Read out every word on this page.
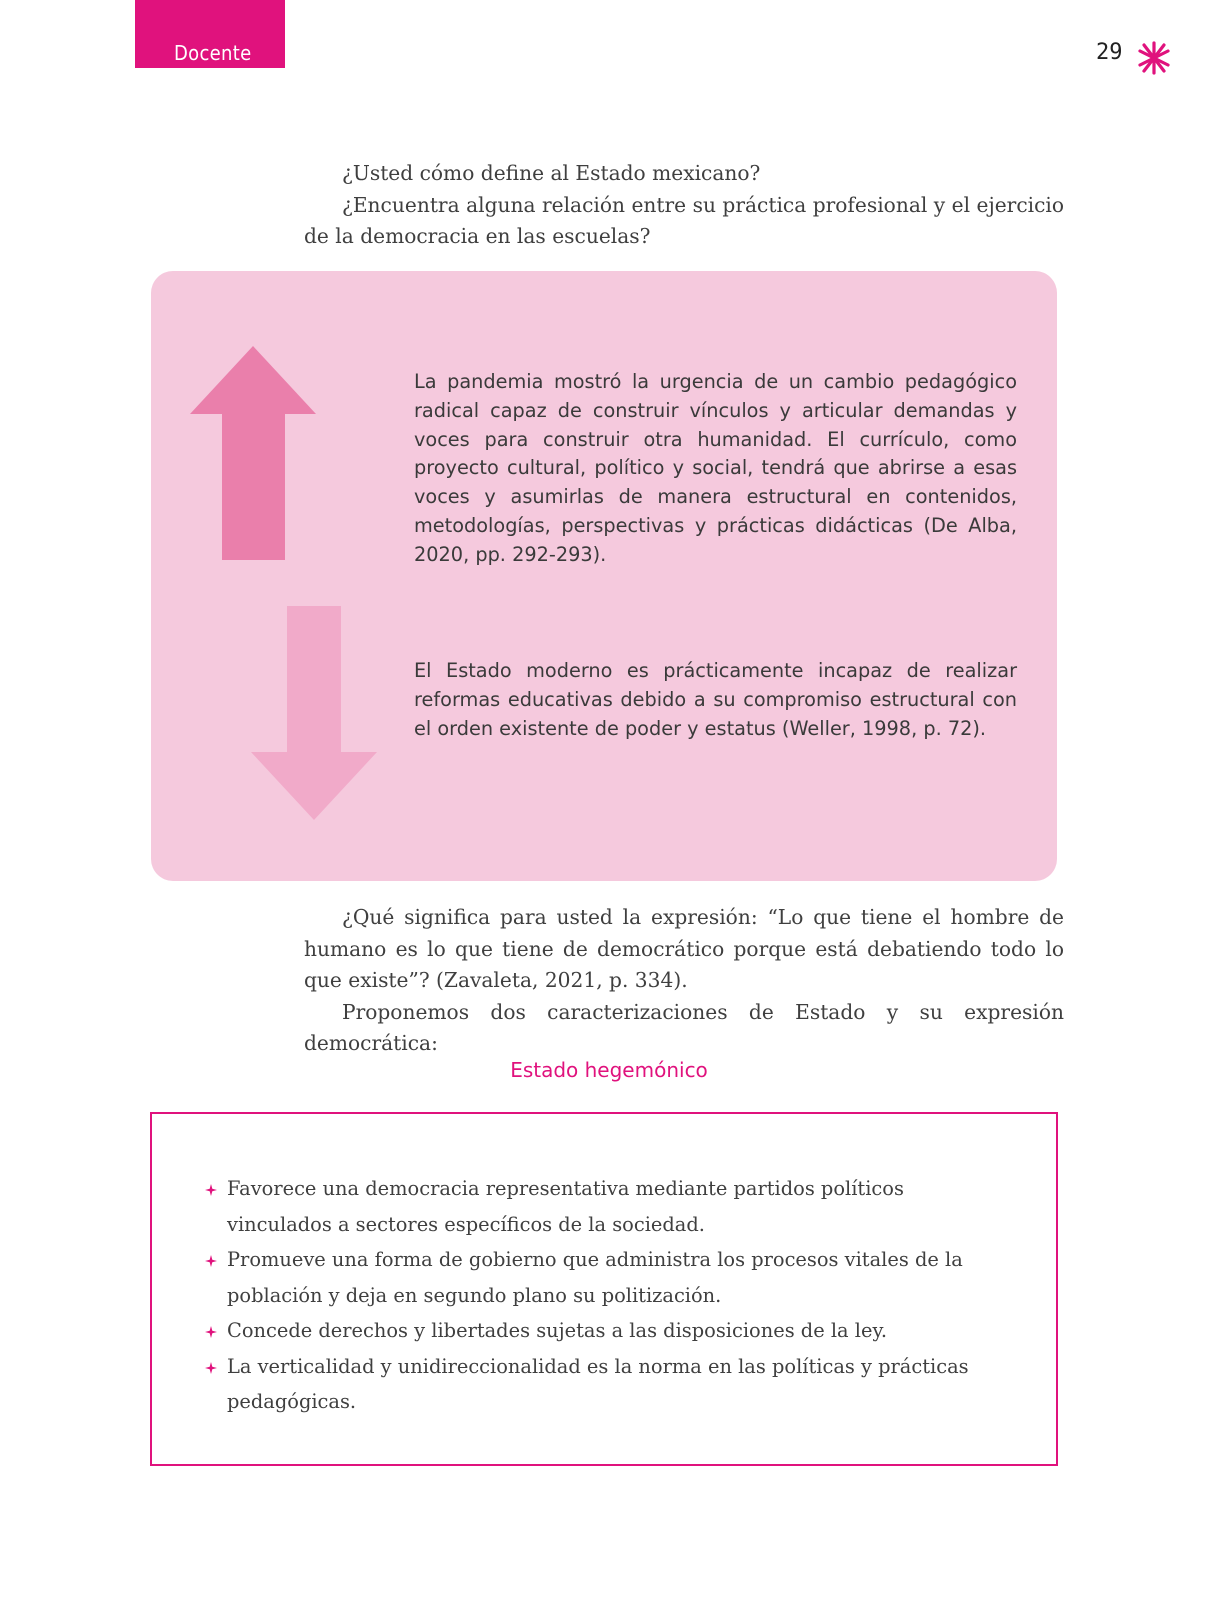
Docente	29

¿Usted cómo define al Estado mexicano?

¿Encuentra alguna relación entre su práctica profesional y el ejercicio de la democracia en las escuelas?

La pandemia mostró la urgencia de un cambio pedagógico radical capaz de construir vínculos y articular demandas y voces para construir otra humanidad. El currículo, como proyecto cultural, político y social, tendrá que abrirse a esas voces y asumirlas de manera estructural en contenidos, metodologías, perspectivas y prácticas didácticas (De Alba, 2020, pp. 292-293).

El Estado moderno es prácticamente incapaz de realizar reformas educativas debido a su compromiso estructural con el orden existente de poder y estatus (Weller, 1998, p. 72).

¿Qué significa para usted la expresión: “Lo que tiene el hombre de humano es lo que tiene de democrático porque está debatiendo todo lo que existe”? (Zavaleta, 2021, p. 334).

Proponemos dos caracterizaciones de Estado y su expresión democrática:

Estado hegemónico
Favorece una democracia representativa mediante partidos políticos vinculados a sectores específicos de la sociedad.
Promueve una forma de gobierno que administra los procesos vitales de la población y deja en segundo plano su politización.
Concede derechos y libertades sujetas a las disposiciones de la ley.
La verticalidad y unidireccionalidad es la norma en las políticas y prácticas pedagógicas.
